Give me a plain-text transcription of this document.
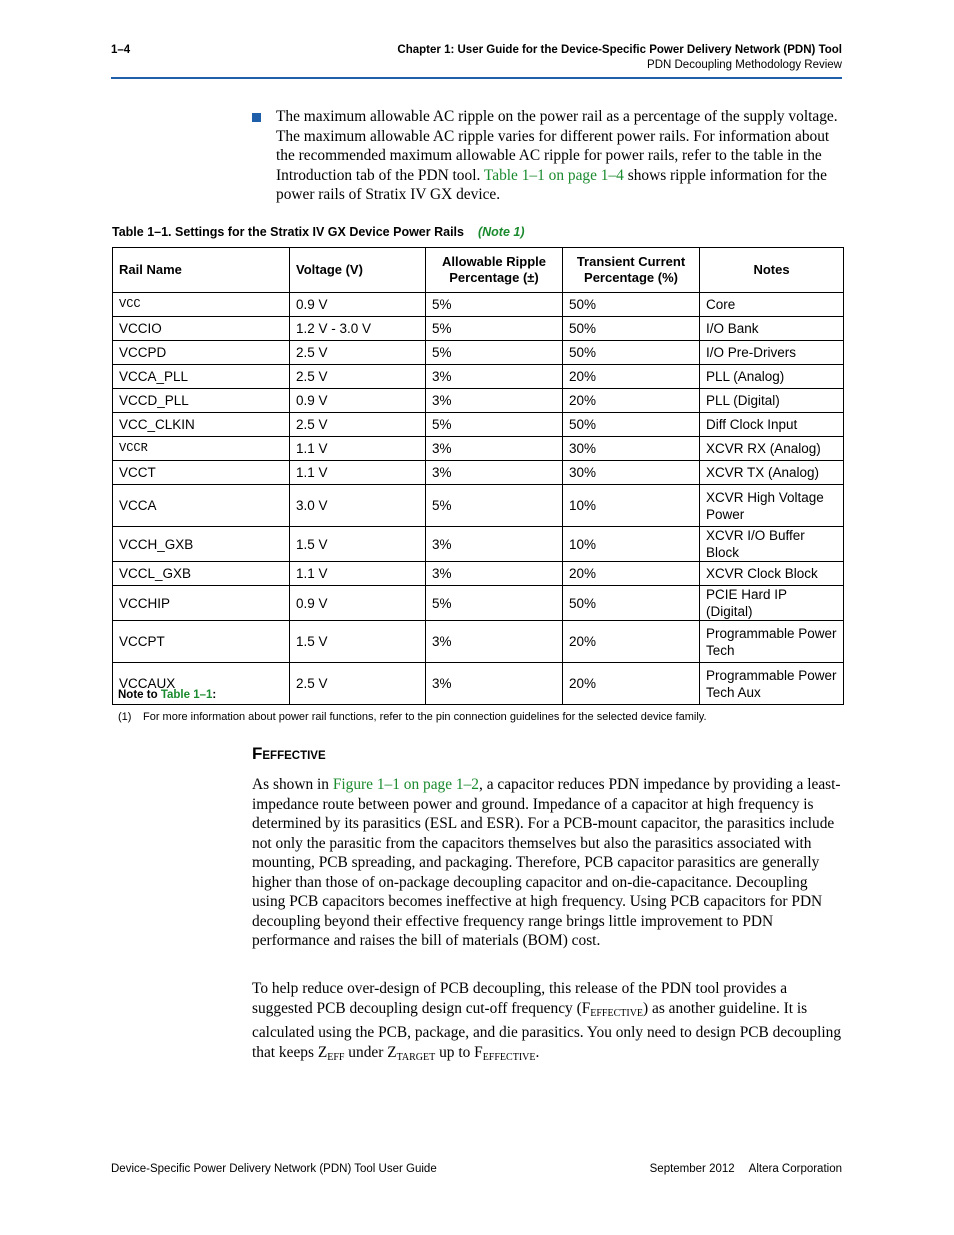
1–4	Chapter 1: User Guide for the Device-Specific Power Delivery Network (PDN) Tool
PDN Decoupling Methodology Review
The maximum allowable AC ripple on the power rail as a percentage of the supply voltage. The maximum allowable AC ripple varies for different power rails. For information about the recommended maximum allowable AC ripple for power rails, refer to the table in the Introduction tab of the PDN tool. Table 1–1 on page 1–4 shows ripple information for the power rails of Stratix IV GX device.
Table 1–1. Settings for the Stratix IV GX Device Power Rails (Note 1)
Rail Name	Voltage (V)	Allowable Ripple Percentage (±)	Transient Current Percentage (%)	Notes
VCC	0.9 V	5%	50%	Core
VCCIO	1.2 V - 3.0 V	5%	50%	I/O Bank
VCCPD	2.5 V	5%	50%	I/O Pre-Drivers
VCCA_PLL	2.5 V	3%	20%	PLL (Analog)
VCCD_PLL	0.9 V	3%	20%	PLL (Digital)
VCC_CLKIN	2.5 V	5%	50%	Diff Clock Input
VCCR	1.1 V	3%	30%	XCVR RX (Analog)
VCCT	1.1 V	3%	30%	XCVR TX (Analog)
VCCA	3.0 V	5%	10%	XCVR High Voltage Power
VCCH_GXB	1.5 V	3%	10%	XCVR I/O Buffer Block
VCCL_GXB	1.1 V	3%	20%	XCVR Clock Block
VCCHIP	0.9 V	5%	50%	PCIE Hard IP (Digital)
VCCPT	1.5 V	3%	20%	Programmable Power Tech
VCCAUX	2.5 V	3%	20%	Programmable Power Tech Aux
Note to Table 1–1:
(1) For more information about power rail functions, refer to the pin connection guidelines for the selected device family.
FEFFECTIVE
As shown in Figure 1–1 on page 1–2, a capacitor reduces PDN impedance by providing a least-impedance route between power and ground. Impedance of a capacitor at high frequency is determined by its parasitics (ESL and ESR). For a PCB-mount capacitor, the parasitics include not only the parasitic from the capacitors themselves but also the parasitics associated with mounting, PCB spreading, and packaging. Therefore, PCB capacitor parasitics are generally higher than those of on-package decoupling capacitor and on-die-capacitance. Decoupling using PCB capacitors becomes ineffective at high frequency. Using PCB capacitors for PDN decoupling beyond their effective frequency range brings little improvement to PDN performance and raises the bill of materials (BOM) cost.
To help reduce over-design of PCB decoupling, this release of the PDN tool provides a suggested PCB decoupling design cut-off frequency $(F_{EFFECTIVE})$ as another guideline. It is calculated using the PCB, package, and die parasitics. You only need to design PCB decoupling that keeps $Z_{EFF}$ under $Z_{TARGET}$ up to $F_{EFFECTIVE}$.
Device-Specific Power Delivery Network (PDN) Tool User Guide	September 2012 Altera Corporation
